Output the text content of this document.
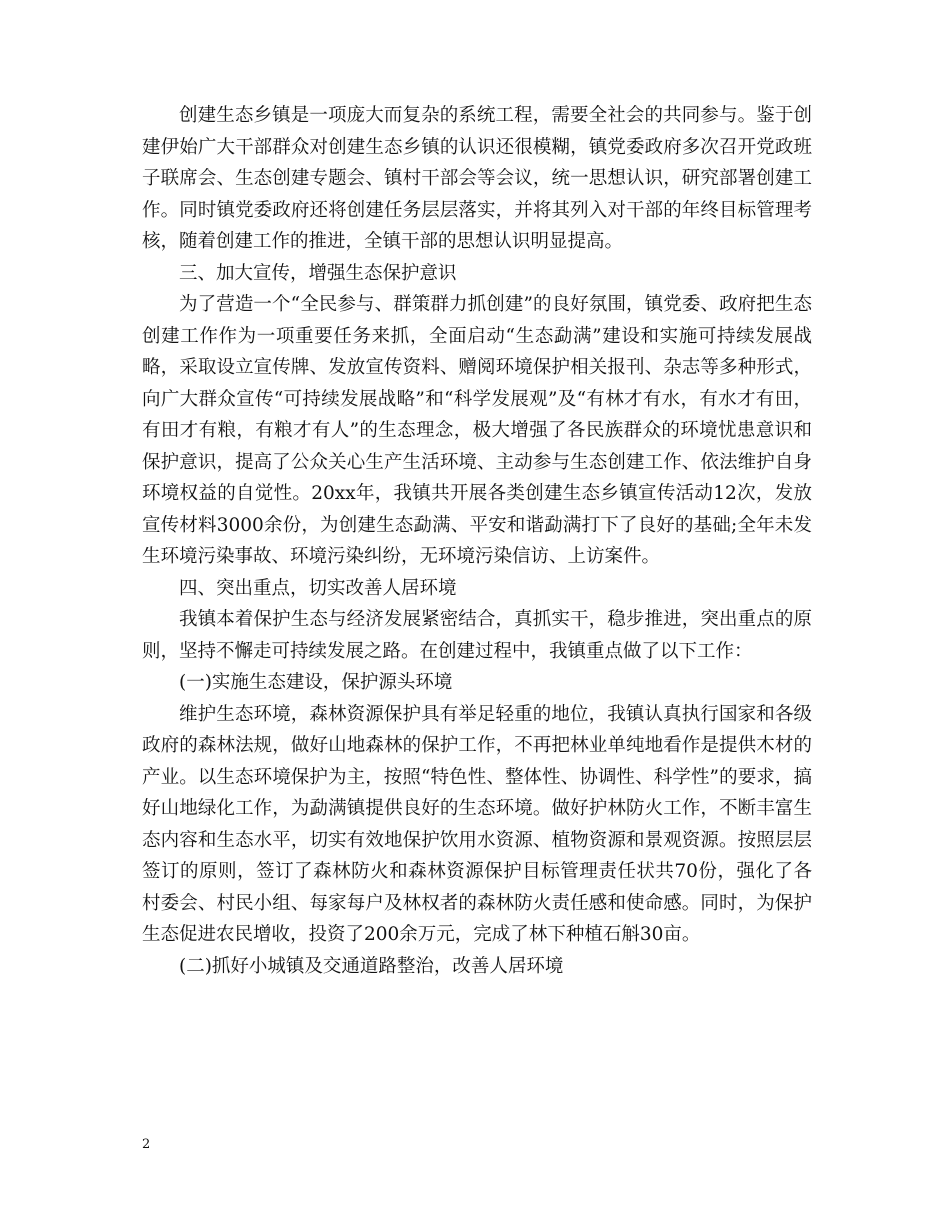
创建生态乡镇是一项庞大而复杂的系统工程，需要全社会的共同参与。鉴于创建伊始广大干部群众对创建生态乡镇的认识还很模糊，镇党委政府多次召开党政班子联席会、生态创建专题会、镇村干部会等会议，统一思想认识，研究部署创建工作。同时镇党委政府还将创建任务层层落实，并将其列入对干部的年终目标管理考核，随着创建工作的推进，全镇干部的思想认识明显提高。

三、加大宣传，增强生态保护意识

为了营造一个“全民参与、群策群力抓创建”的良好氛围，镇党委、政府把生态创建工作作为一项重要任务来抓，全面启动“生态勐满”建设和实施可持续发展战略，采取设立宣传牌、发放宣传资料、赠阅环境保护相关报刊、杂志等多种形式，向广大群众宣传“可持续发展战略”和“科学发展观”及“有林才有水，有水才有田，有田才有粮，有粮才有人”的生态理念，极大增强了各民族群众的环境忧患意识和保护意识，提高了公众关心生产生活环境、主动参与生态创建工作、依法维护自身环境权益的自觉性。20xx年，我镇共开展各类创建生态乡镇宣传活动12次，发放宣传材料3000余份，为创建生态勐满、平安和谐勐满打下了良好的基础;全年未发生环境污染事故、环境污染纠纷，无环境污染信访、上访案件。

四、突出重点，切实改善人居环境

我镇本着保护生态与经济发展紧密结合，真抓实干，稳步推进，突出重点的原则，坚持不懈走可持续发展之路。在创建过程中，我镇重点做了以下工作：

(一)实施生态建设，保护源头环境

维护生态环境，森林资源保护具有举足轻重的地位，我镇认真执行国家和各级政府的森林法规，做好山地森林的保护工作，不再把林业单纯地看作是提供木材的产业。以生态环境保护为主，按照“特色性、整体性、协调性、科学性”的要求，搞好山地绿化工作，为勐满镇提供良好的生态环境。做好护林防火工作，不断丰富生态内容和生态水平，切实有效地保护饮用水资源、植物资源和景观资源。按照层层签订的原则，签订了森林防火和森林资源保护目标管理责任状共70份，强化了各村委会、村民小组、每家每户及林权者的森林防火责任感和使命感。同时，为保护生态促进农民增收，投资了200余万元，完成了林下种植石斛30亩。

(二)抓好小城镇及交通道路整治，改善人居环境

2
